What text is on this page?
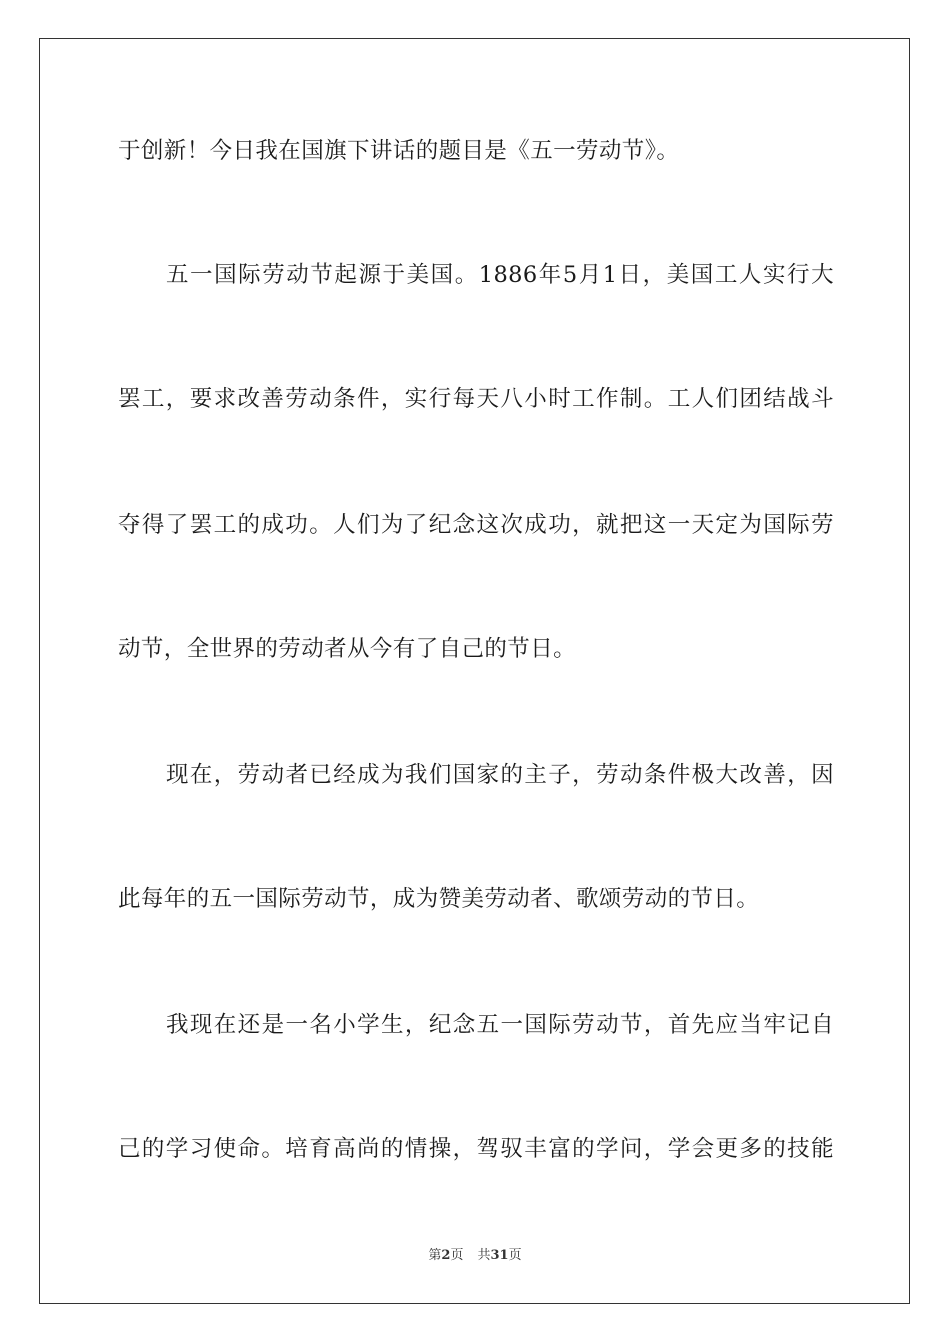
于创新！今日我在国旗下讲话的题目是《五一劳动节》。
五一国际劳动节起源于美国。1886年5月1日，美国工人实行大
罢工，要求改善劳动条件，实行每天八小时工作制。工人们团结战斗
夺得了罢工的成功。人们为了纪念这次成功，就把这一天定为国际劳
动节，全世界的劳动者从今有了自己的节日。
现在，劳动者已经成为我们国家的主子，劳动条件极大改善，因
此每年的五一国际劳动节，成为赞美劳动者、歌颂劳动的节日。
我现在还是一名小学生，纪念五一国际劳动节，首先应当牢记自
己的学习使命。培育高尚的情操，驾驭丰富的学问，学会更多的技能
第2页 共31页
